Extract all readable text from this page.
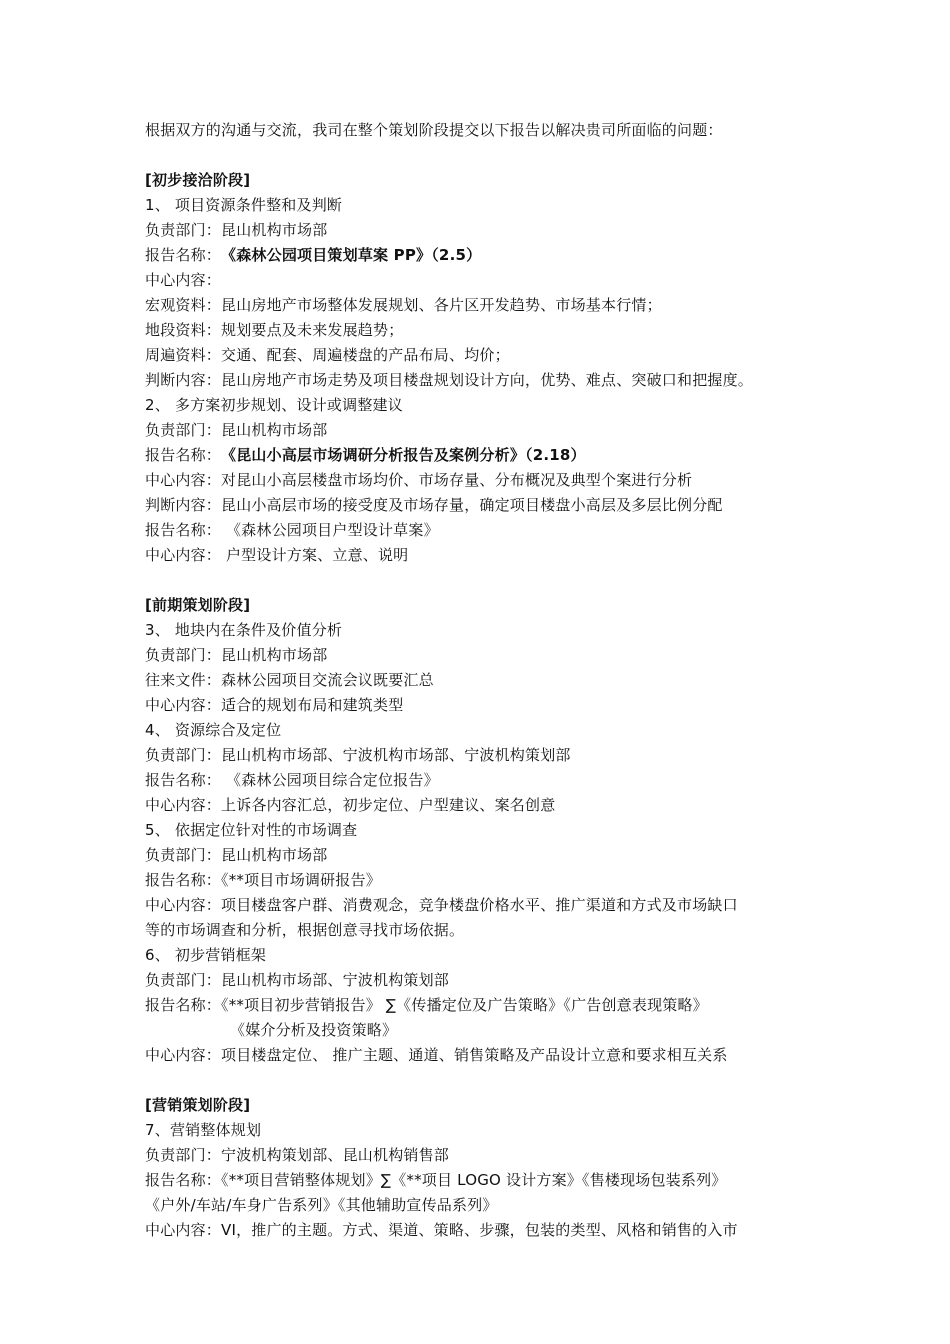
根据双方的沟通与交流，我司在整个策划阶段提交以下报告以解决贵司所面临的问题：
[初步接洽阶段]
1、 项目资源条件整和及判断
负责部门：昆山机构市场部
报告名称：《森林公园项目策划草案 PP》（2.5）
中心内容：
宏观资料：昆山房地产市场整体发展规划、各片区开发趋势、市场基本行情；
地段资料：规划要点及未来发展趋势；
周遍资料：交通、配套、周遍楼盘的产品布局、均价；
判断内容：昆山房地产市场走势及项目楼盘规划设计方向，优势、难点、突破口和把握度。
2、 多方案初步规划、设计或调整建议
负责部门：昆山机构市场部
报告名称：《昆山小高层市场调研分析报告及案例分析》（2.18）
中心内容：对昆山小高层楼盘市场均价、市场存量、分布概况及典型个案进行分析
判断内容：昆山小高层市场的接受度及市场存量，确定项目楼盘小高层及多层比例分配
报告名称： 《森林公园项目户型设计草案》
中心内容： 户型设计方案、立意、说明
[前期策划阶段]
3、 地块内在条件及价值分析
负责部门：昆山机构市场部
往来文件：森林公园项目交流会议既要汇总
中心内容：适合的规划布局和建筑类型
4、 资源综合及定位
负责部门：昆山机构市场部、宁波机构市场部、宁波机构策划部
报告名称： 《森林公园项目综合定位报告》
中心内容：上诉各内容汇总，初步定位、户型建议、案名创意
5、 依据定位针对性的市场调查
负责部门：昆山机构市场部
报告名称：《**项目市场调研报告》
中心内容：项目楼盘客户群、消费观念，竞争楼盘价格水平、推广渠道和方式及市场缺口
等的市场调查和分析，根据创意寻找市场依据。
6、 初步营销框架
负责部门：昆山机构市场部、宁波机构策划部
报告名称：《**项目初步营销报告》 ∑《传播定位及广告策略》《广告创意表现策略》
《媒介分析及投资策略》
中心内容：项目楼盘定位、 推广主题、通道、销售策略及产品设计立意和要求相互关系
[营销策划阶段]
7、营销整体规划
负责部门：宁波机构策划部、昆山机构销售部
报告名称：《**项目营销整体规划》∑《**项目 LOGO 设计方案》《售楼现场包装系列》
《户外/车站/车身广告系列》《其他辅助宣传品系列》
中心内容：VI，推广的主题。方式、渠道、策略、步骤，包装的类型、风格和销售的入市
